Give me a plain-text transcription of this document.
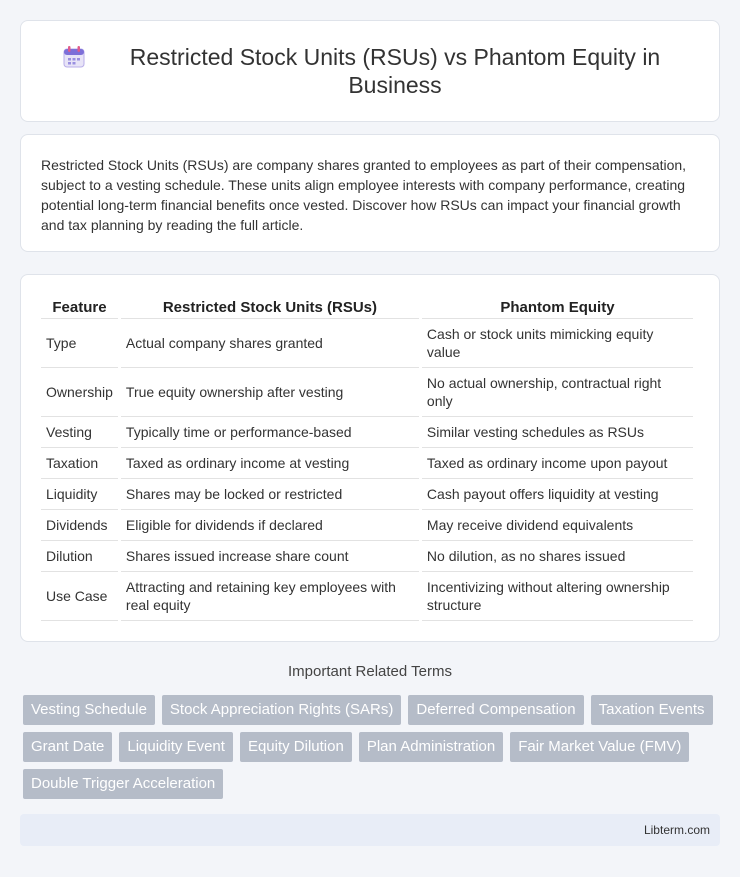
Restricted Stock Units (RSUs) vs Phantom Equity in Business

Restricted Stock Units (RSUs) are company shares granted to employees as part of their compensation, subject to a vesting schedule. These units align employee interests with company performance, creating potential long-term financial benefits once vested. Discover how RSUs can impact your financial growth and tax planning by reading the full article.

Feature	Restricted Stock Units (RSUs)	Phantom Equity
Type	Actual company shares granted	Cash or stock units mimicking equity value
Ownership	True equity ownership after vesting	No actual ownership, contractual right only
Vesting	Typically time or performance-based	Similar vesting schedules as RSUs
Taxation	Taxed as ordinary income at vesting	Taxed as ordinary income upon payout
Liquidity	Shares may be locked or restricted	Cash payout offers liquidity at vesting
Dividends	Eligible for dividends if declared	May receive dividend equivalents
Dilution	Shares issued increase share count	No dilution, as no shares issued
Use Case	Attracting and retaining key employees with real equity	Incentivizing without altering ownership structure
Important Related Terms
Vesting Schedule	Stock Appreciation Rights (SARs)	Deferred Compensation	Taxation Events
Grant Date	Liquidity Event	Equity Dilution	Plan Administration	Fair Market Value (FMV)
Double Trigger Acceleration
Libterm.com
